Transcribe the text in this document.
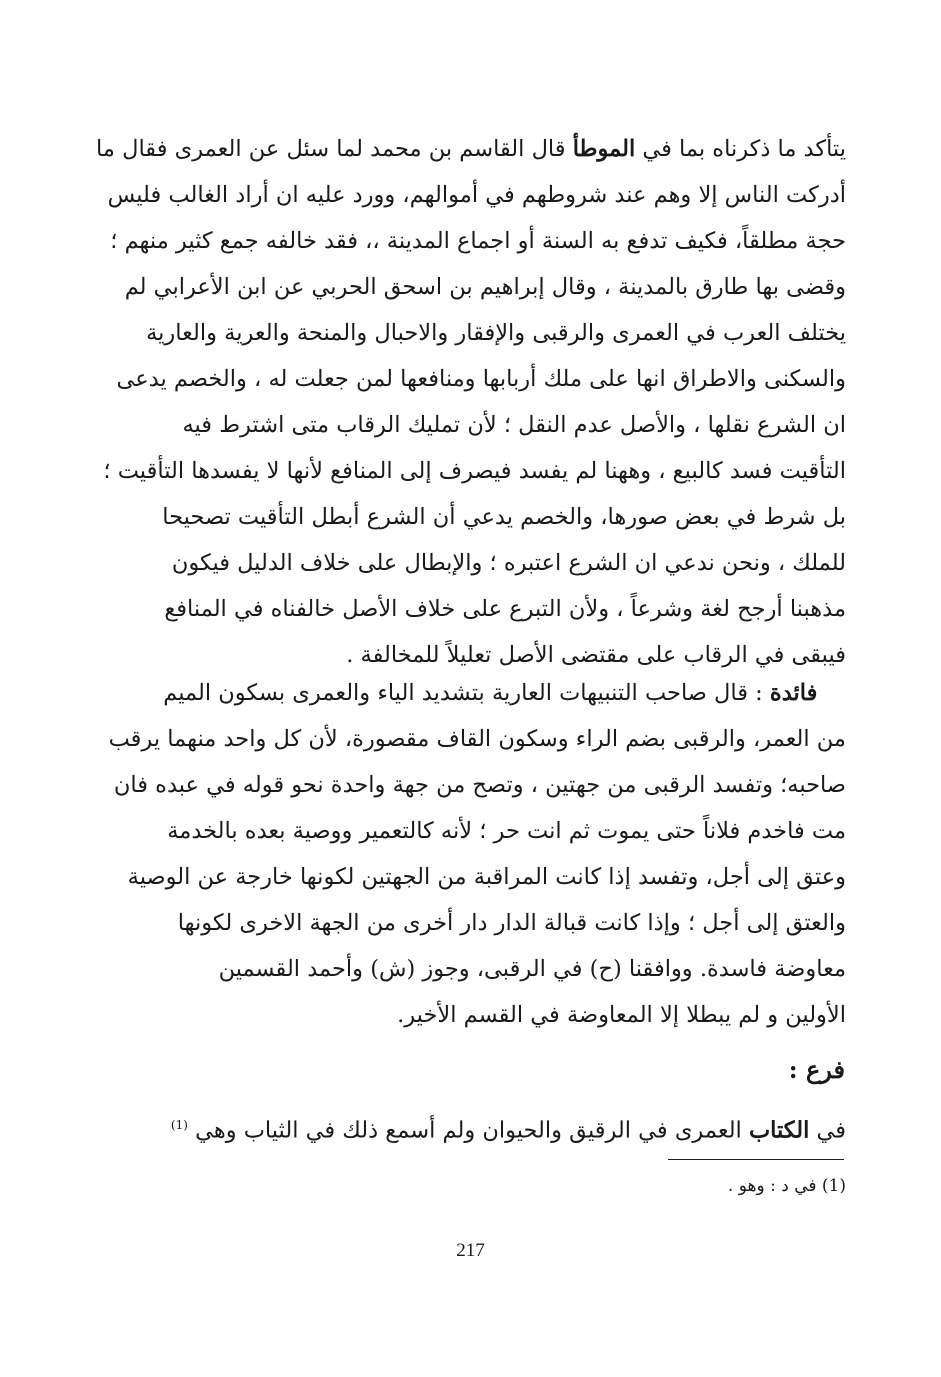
يتأكد ما ذكرناه بما في الموطأ قال القاسم بن محمد لما سئل عن العمرى فقال ما
أدركت الناس إلا وهم عند شروطهم في أموالهم، وورد عليه ان أراد الغالب فليس
حجة مطلقاً، فكيف تدفع به السنة أو اجماع المدينة ،، فقد خالفه جمع كثير منهم ؛
وقضى بها طارق بالمدينة ، وقال إبراهيم بن اسحق الحربي عن ابن الأعرابي لم
يختلف العرب في العمرى والرقبى والإفقار والاحبال والمنحة والعرية والعارية
والسكنى والاطراق انها على ملك أربابها ومنافعها لمن جعلت له ، والخصم يدعى
ان الشرع نقلها ، والأصل عدم النقل ؛ لأن تمليك الرقاب متى اشترط فيه
التأقيت فسد كالبيع ، وههنا لم يفسد فيصرف إلى المنافع لأنها لا يفسدها التأقيت ؛
بل شرط في بعض صورها، والخصم يدعي أن الشرع أبطل التأقيت تصحيحا
للملك ، ونحن ندعي ان الشرع اعتبره ؛ والإبطال على خلاف الدليل فيكون
مذهبنا أرجح لغة وشرعاً ، ولأن التبرع على خلاف الأصل خالفناه في المنافع
فيبقى في الرقاب على مقتضى الأصل تعليلاً للمخالفة .
فائدة : قال صاحب التنبيهات العارية بتشديد الياء والعمرى بسكون الميم
من العمر، والرقبى بضم الراء وسكون القاف مقصورة، لأن كل واحد منهما يرقب
صاحبه؛ وتفسد الرقبى من جهتين ، وتصح من جهة واحدة نحو قوله في عبده فان
مت فاخدم فلاناً حتى يموت ثم انت حر ؛ لأنه كالتعمير ووصية بعده بالخدمة
وعتق إلى أجل، وتفسد إذا كانت المراقبة من الجهتين لكونها خارجة عن الوصية
والعتق إلى أجل ؛ وإذا كانت قبالة الدار دار أخرى من الجهة الاخرى لكونها
معاوضة فاسدة. ووافقنا (ح) في الرقبى، وجوز (ش) وأحمد القسمين
الأولين و لم يبطلا إلا المعاوضة في القسم الأخير.
فرع :
في الكتاب العمرى في الرقيق والحيوان ولم أسمع ذلك في الثياب وهي $^{(1)}$
(1) في د : وهو .
217
